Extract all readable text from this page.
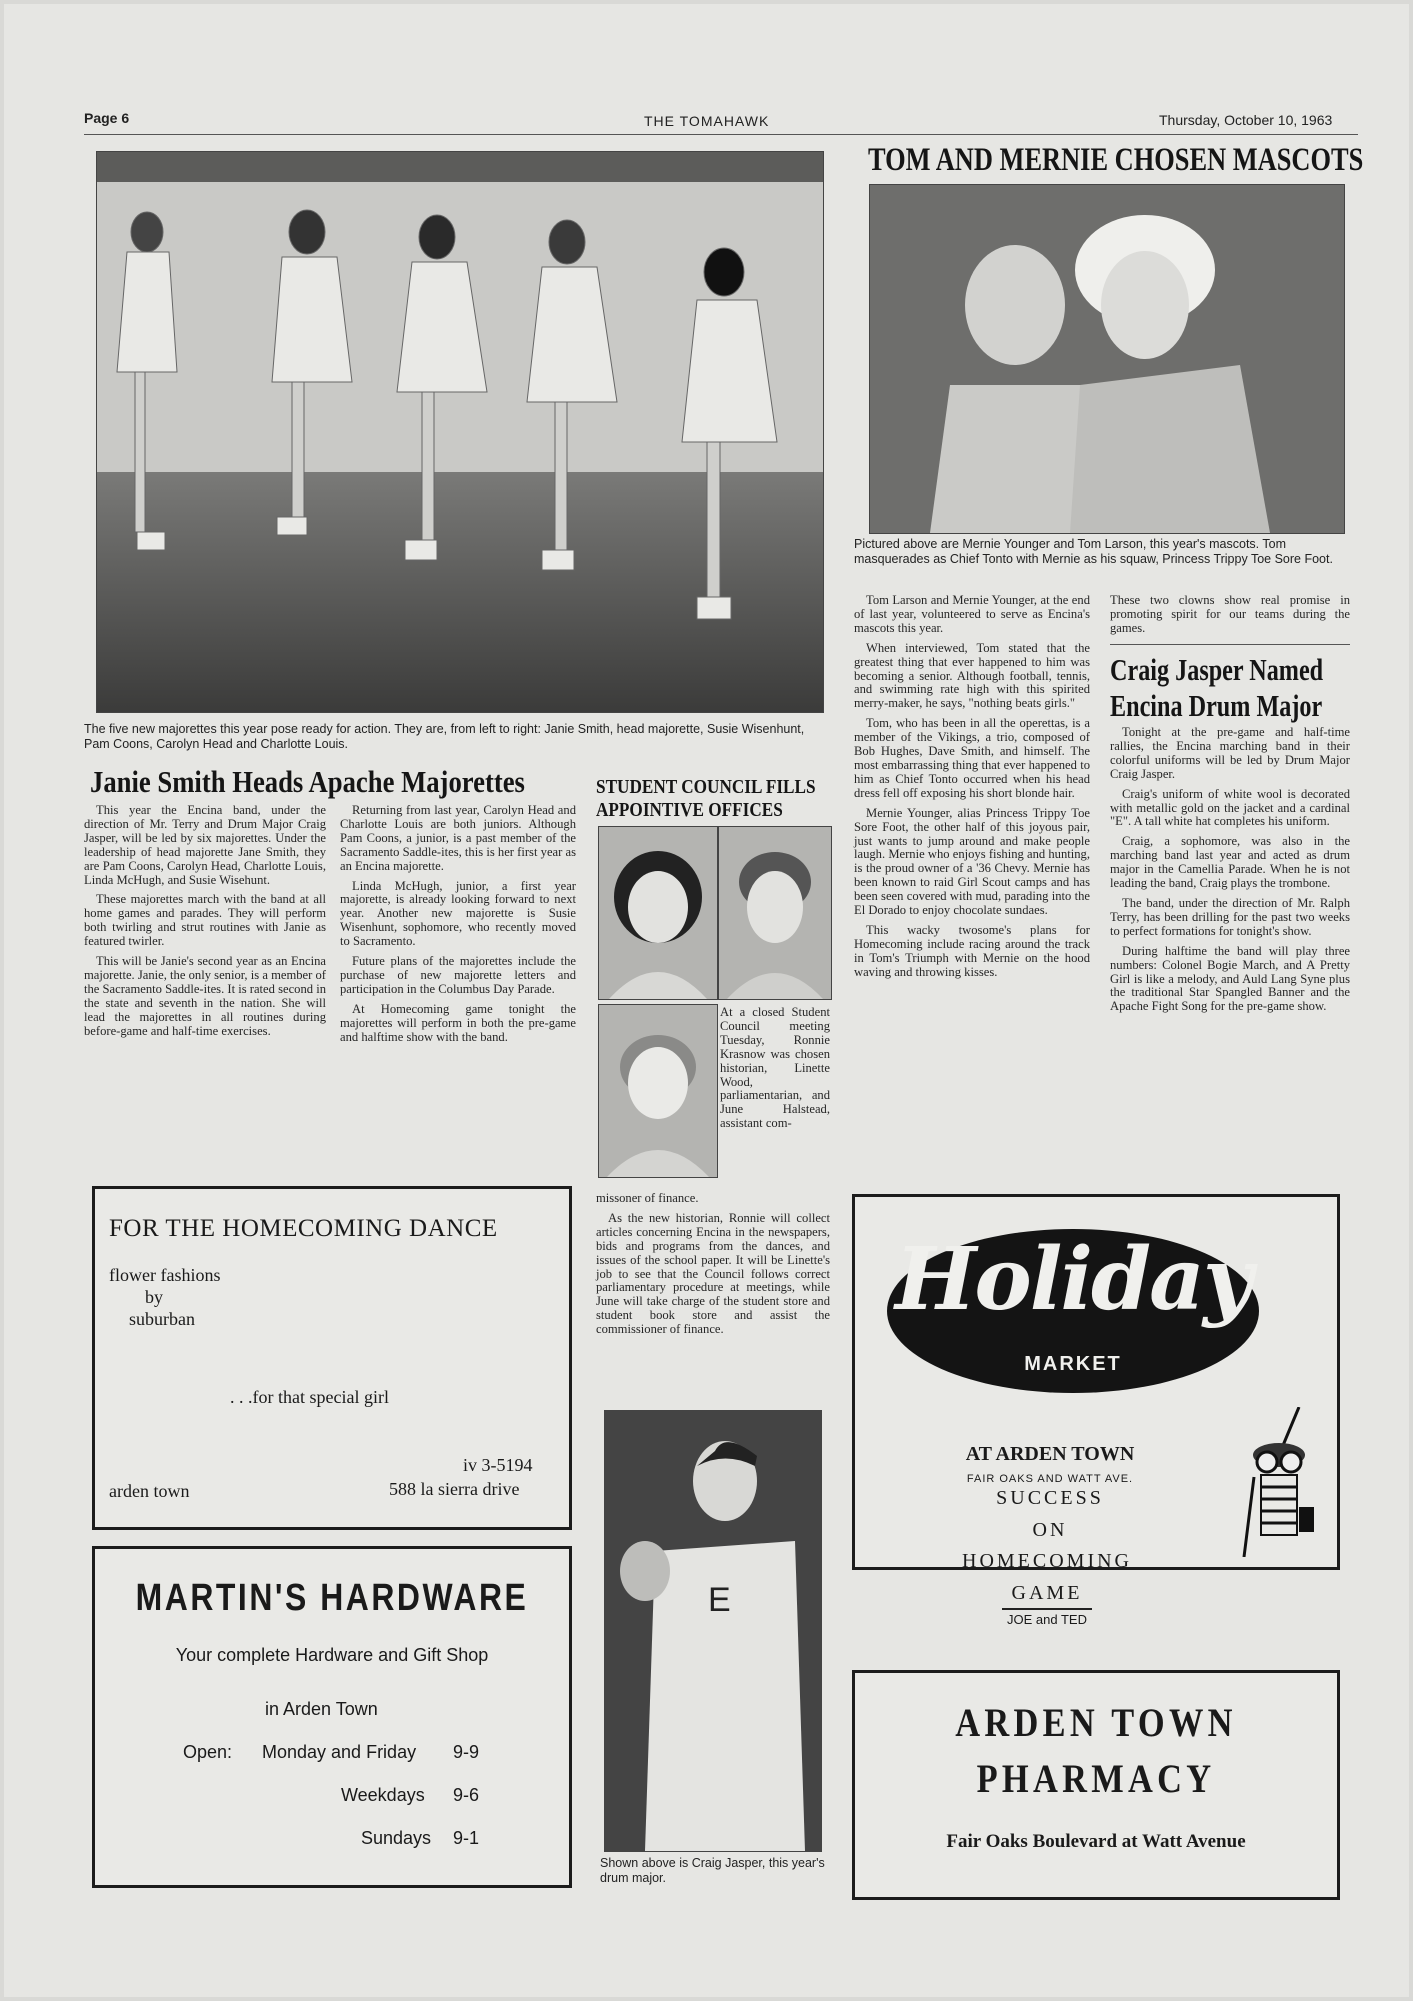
Page 6	THE TOMAHAWK	Thursday, October 10, 1963
The five new majorettes this year pose ready for action. They are, from left to right: Janie Smith, head majorette, Susie Wisenhunt, Pam Coons, Carolyn Head and Charlotte Louis.
Janie Smith Heads Apache Majorettes

This year the Encina band, under the direction of Mr. Terry and Drum Major Craig Jasper, will be led by six majorettes. Under the leadership of head majorette Jane Smith, they are Pam Coons, Carolyn Head, Charlotte Louis, Linda McHugh, and Susie Wisehunt.

These majorettes march with the band at all home games and parades. They will perform both twirling and strut routines with Janie as featured twirler.

This will be Janie's second year as an Encina majorette. Janie, the only senior, is a member of the Sacramento Saddle-ites. It is rated second in the state and seventh in the nation. She will lead the majorettes in all routines during before-game and half-time exercises.

Returning from last year, Carolyn Head and Charlotte Louis are both juniors. Although Pam Coons, a junior, is a past member of the Sacramento Saddle-ites, this is her first year as an Encina majorette.

Linda McHugh, junior, a first year majorette, is already looking forward to next year. Another new majorette is Susie Wisenhunt, sophomore, who recently moved to Sacramento.

Future plans of the majorettes include the purchase of new majorette letters and participation in the Columbus Day Parade.

At Homecoming game tonight the majorettes will perform in both the pre-game and halftime show with the band.

STUDENT COUNCIL FILLS
APPOINTIVE OFFICES
At a closed Student Council meeting Tuesday, Ronnie Krasnow was chosen historian, Linette Wood, parliamentarian, and June Halstead, assistant com-

missoner of finance.

As the new historian, Ronnie will collect articles concerning Encina in the newspapers, bids and programs from the dances, and issues of the school paper. It will be Linette's job to see that the Council follows correct parliamentary procedure at meetings, while June will take charge of the student store and student book store and assist the commissioner of finance.

E
Shown above is Craig Jasper, this year's drum major.
TOM AND MERNIE CHOSEN MASCOTS
Pictured above are Mernie Younger and Tom Larson, this year's mascots. Tom masquerades as Chief Tonto with Mernie as his squaw, Princess Trippy Toe Sore Foot.

Tom Larson and Mernie Younger, at the end of last year, volunteered to serve as Encina's mascots this year.

When interviewed, Tom stated that the greatest thing that ever happened to him was becoming a senior. Although football, tennis, and swimming rate high with this spirited merry-maker, he says, "nothing beats girls."

Tom, who has been in all the operettas, is a member of the Vikings, a trio, composed of Bob Hughes, Dave Smith, and himself. The most embarrassing thing that ever happened to him as Chief Tonto occurred when his head dress fell off exposing his short blonde hair.

Mernie Younger, alias Princess Trippy Toe Sore Foot, the other half of this joyous pair, just wants to jump around and make people laugh. Mernie who enjoys fishing and hunting, is the proud owner of a '36 Chevy. Mernie has been known to raid Girl Scout camps and has been seen covered with mud, parading into the El Dorado to enjoy chocolate sundaes.

This wacky twosome's plans for Homecoming include racing around the track in Tom's Triumph with Mernie on the hood waving and throwing kisses.

These two clowns show real promise in promoting spirit for our teams during the games.

Craig Jasper Named
Encina Drum Major

Tonight at the pre-game and half-time rallies, the Encina marching band in their colorful uniforms will be led by Drum Major Craig Jasper.

Craig's uniform of white wool is decorated with metallic gold on the jacket and a cardinal "E". A tall white hat completes his uniform.

Craig, a sophomore, was also in the marching band last year and acted as drum major in the Camellia Parade. When he is not leading the band, Craig plays the trombone.

The band, under the direction of Mr. Ralph Terry, has been drilling for the past two weeks to perfect formations for tonight's show.

During halftime the band will play three numbers: Colonel Bogie March, and A Pretty Girl is like a melody, and Auld Lang Syne plus the traditional Star Spangled Banner and the Apache Fight Song for the pre-game show.

FOR THE HOMECOMING DANCE
flower fashions
by
suburban
. . .for that special girl
iv 3-5194
arden town	588 la sierra drive
MARTIN'S HARDWARE
Your complete Hardware and Gift Shop
in Arden Town
Open: Monday and Friday 9-9
Weekdays 9-6
Sundays 9-1
Holiday
MARKET
AT ARDEN TOWN
FAIR OAKS AND WATT AVE.
SUCCESS
ON
HOMECOMING
GAME
JOE and TED
ARDEN TOWN
PHARMACY
Fair Oaks Boulevard at Watt Avenue
